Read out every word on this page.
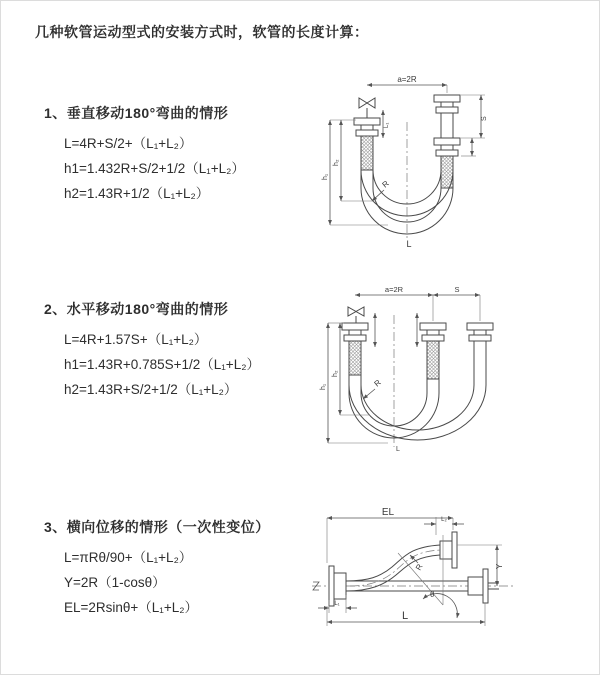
几种软管运动型式的安装方式时，软管的长度计算：
1、垂直移动180°弯曲的情形
L=4R+S/2+（L₁+L₂）
h1=1.432R+S/2+1/2（L₁+L₂）
h2=1.43R+1/2（L₁+L₂）
2、水平移动180°弯曲的情形
L=4R+1.57S+（L₁+L₂）
h1=1.43R+0.785S+1/2（L₁+L₂）
h2=1.43R+S/2+1/2（L₁+L₂）
3、横向位移的情形（一次性变位）
L=πRθ/90+（L₁+L₂）
Y=2R（1-cosθ）
EL=2Rsinθ+（L₁+L₂）
a=2R
h₁
h₂
L₁
S
R
L
a=2R	S
h₁
h₂
R
L
EL
L₂
Y
θ
R
L₁
L
